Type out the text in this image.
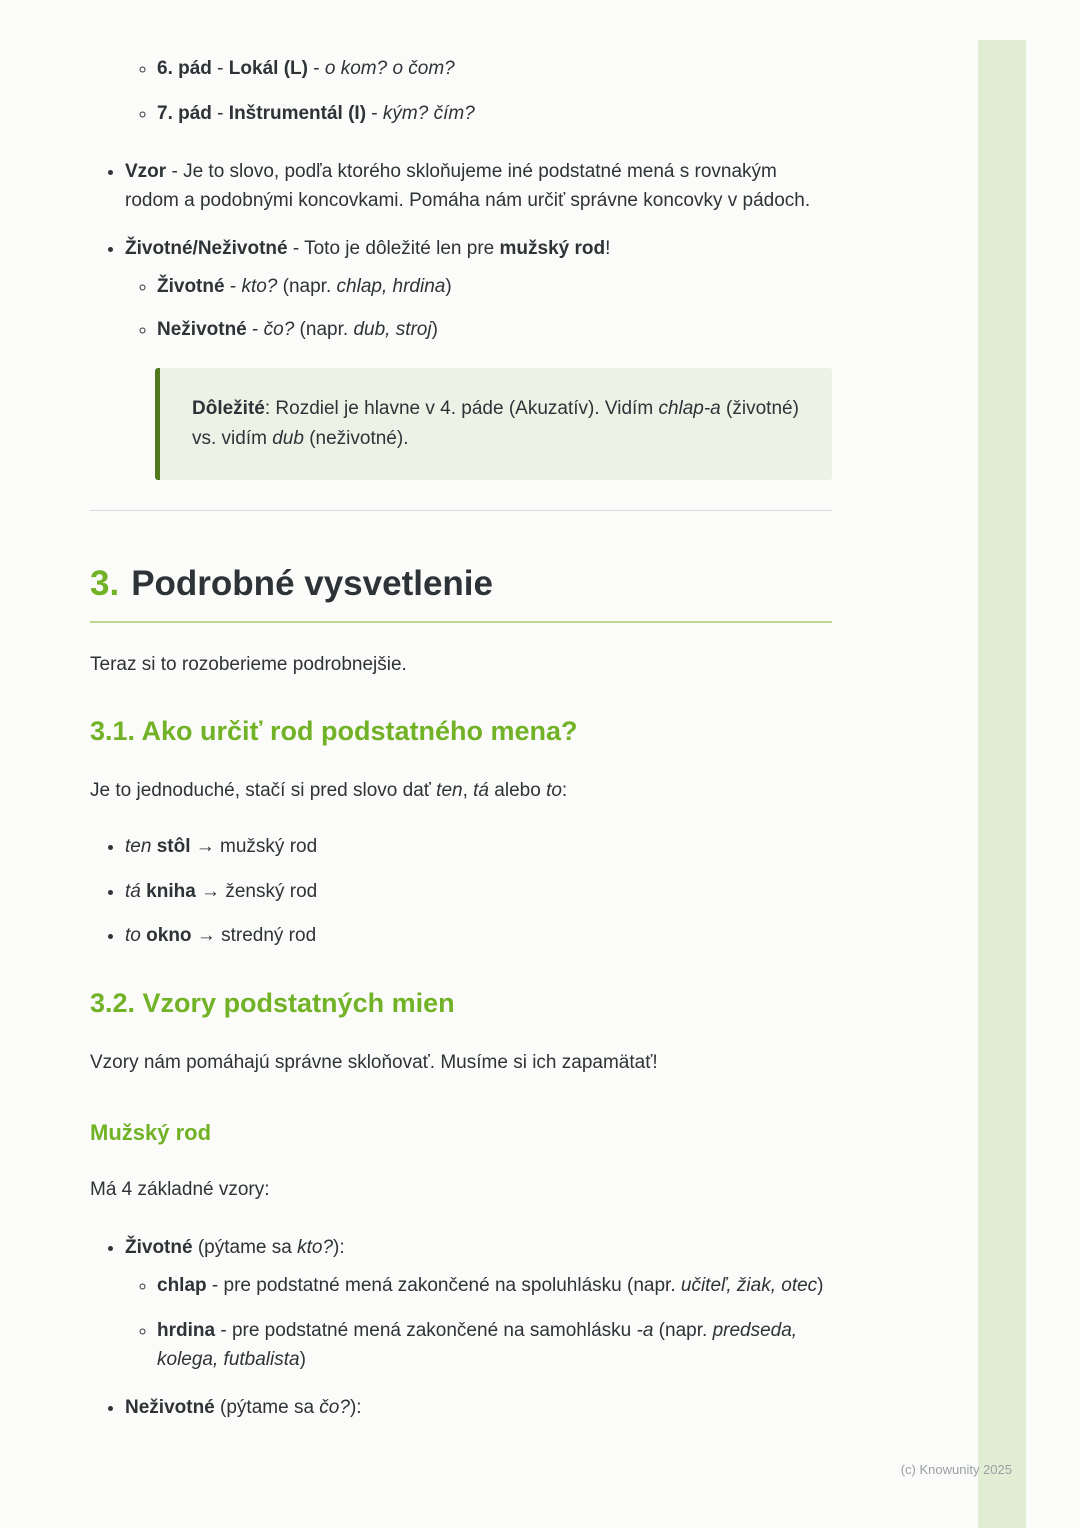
◦ 6. pád - Lokál (L) - o kom? o čom?
◦ 7. pád - Inštrumentál (I) - kým? čím?
• Vzor - Je to slovo, podľa ktorého skloňujeme iné podstatné mená s rovnakým rodom a podobnými koncovkami. Pomáha nám určiť správne koncovky v pádoch.
• Životné/Neživotné - Toto je dôležité len pre mužský rod!
◦ Životné - kto? (napr. chlap, hrdina)
◦ Neživotné - čo? (napr. dub, stroj)

Dôležité: Rozdiel je hlavne v 4. páde (Akuzatív). Vidím chlap-a (životné) vs. vidím dub (neživotné).

3. Podrobné vysvetlenie

Teraz si to rozoberieme podrobnejšie.

3.1. Ako určiť rod podstatného mena?

Je to jednoduché, stačí si pred slovo dať ten, tá alebo to:

• ten stôl → mužský rod
• tá kniha → ženský rod
• to okno → stredný rod
3.2. Vzory podstatných mien

Vzory nám pomáhajú správne skloňovať. Musíme si ich zapamätať!

Mužský rod

Má 4 základné vzory:

• Životné (pýtame sa kto?):
◦ chlap - pre podstatné mená zakončené na spoluhlásku (napr. učiteľ, žiak, otec)
◦ hrdina - pre podstatné mená zakončené na samohlásku -a (napr. predseda, kolega, futbalista)
• Neživotné (pýtame sa čo?):
(c) Knowunity 2025
